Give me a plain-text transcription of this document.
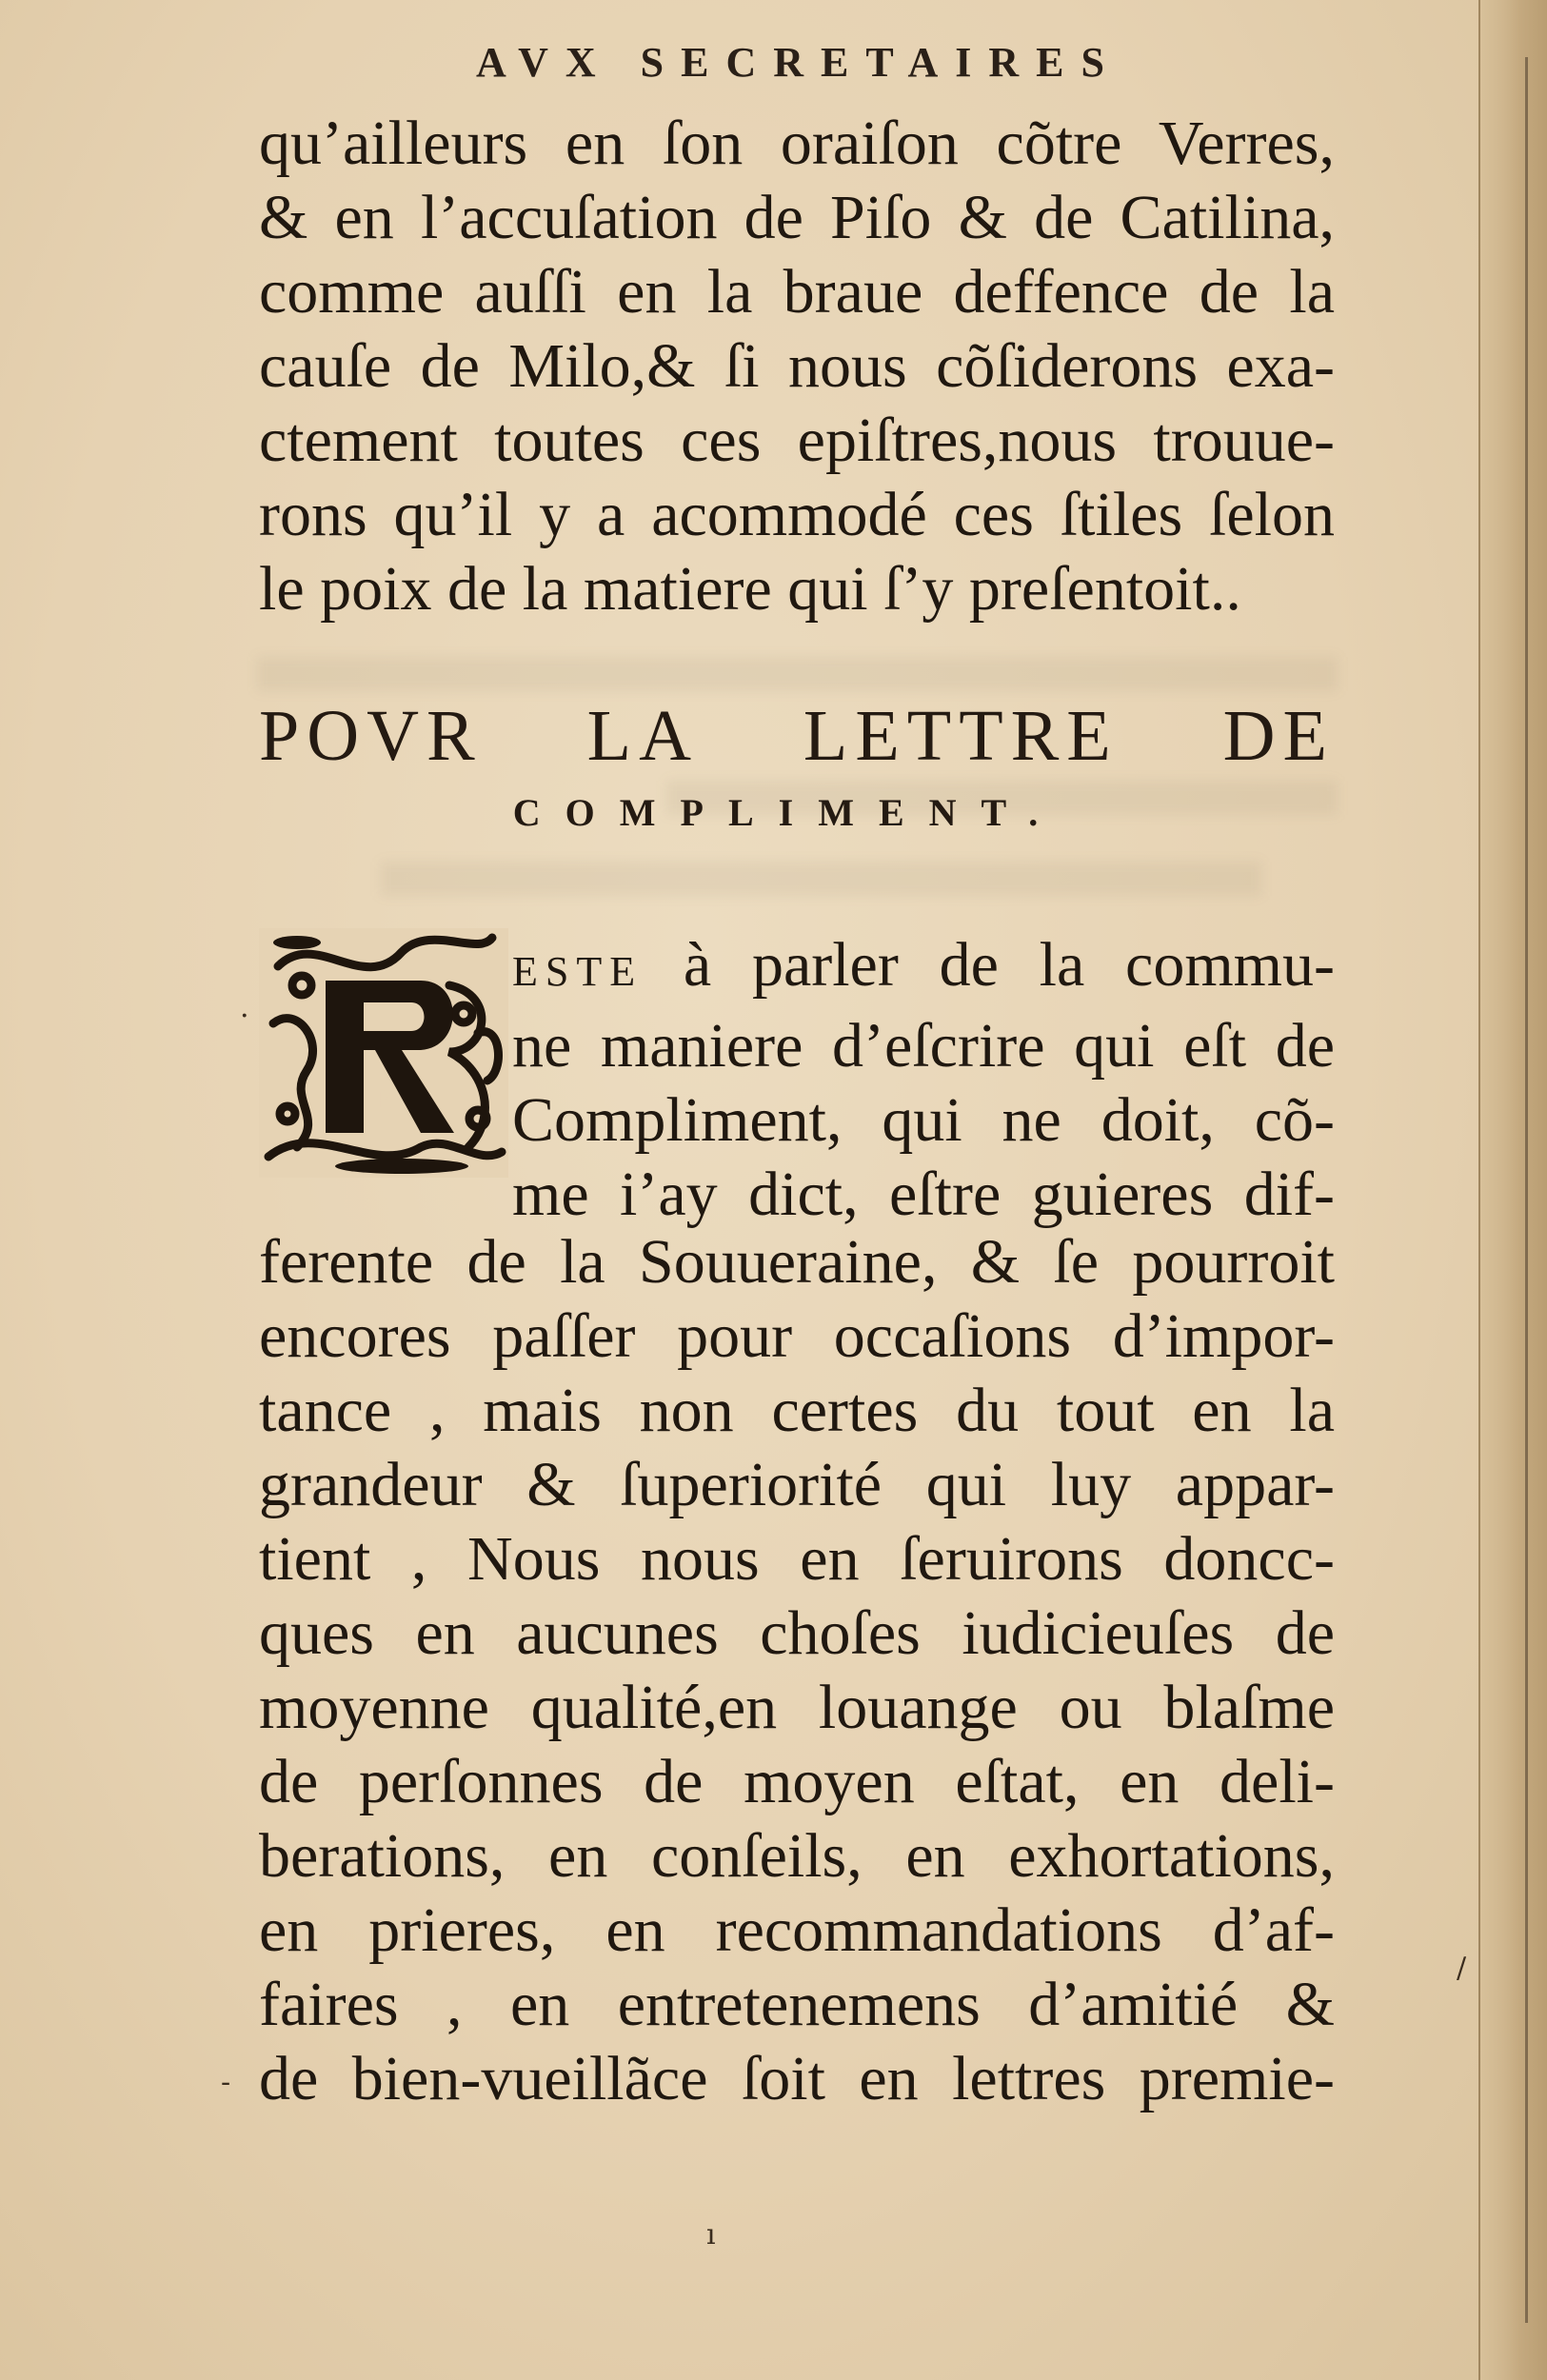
AVX SECRETAIRES
qu’ailleurs en ſon oraiſon cõtre Verres,
& en l’accuſation de Piſo & de Catilina,
comme auſſi en la braue deffence de la
cauſe de Milo,& ſi nous cõſiderons exa-
ctement toutes ces epiſtres,nous trouue-
rons qu’il y a acommodé ces ſtiles ſelon
le poix de la matiere qui ſ’y preſentoit..
POVR LA LETTRE DE
COMPLIMENT.
R
ESTE à parler de la commu-
ne maniere d’eſcrire qui eſt de
Compliment, qui ne doit, cõ-
me i’ay dict, eſtre guieres dif-
ferente de la Souueraine, & ſe pourroit
encores paſſer pour occaſions d’impor-
tance , mais non certes du tout en la
grandeur & ſuperiorité qui luy appar-
tient , Nous nous en ſeruirons doncc-
ques en aucunes choſes iudicieuſes de
moyenne qualité,en louange ou blaſme
de perſonnes de moyen eſtat, en deli-
berations, en conſeils, en exhortations,
en prieres, en recommandations d’af-
faires , en entretenemens d’amitié &
de bien-vueillãce ſoit en lettres premie-
·
-
ı
/
